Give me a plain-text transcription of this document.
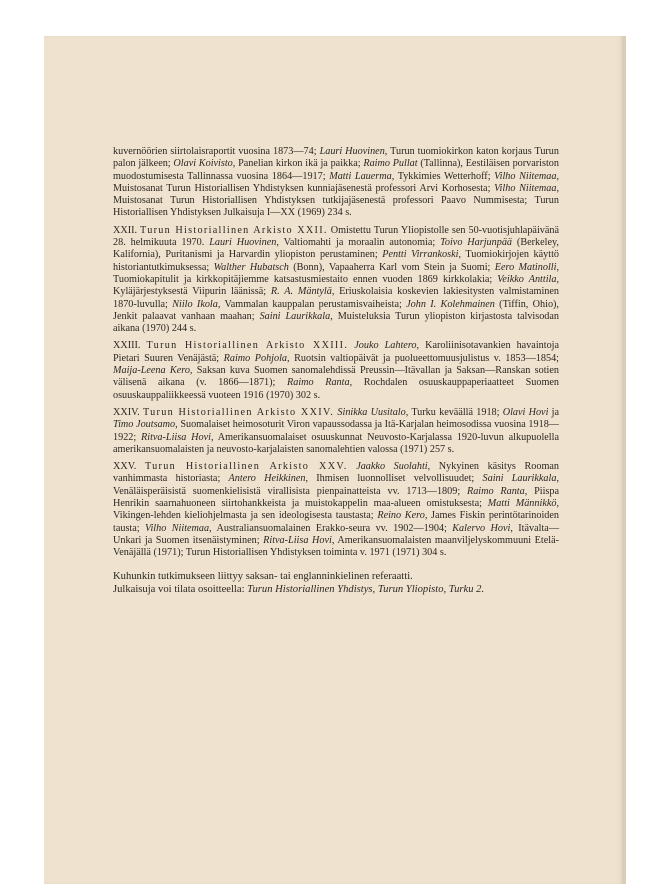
kuvernöörien siirtolaisraportit vuosina 1873—74; Lauri Huovinen, Turun tuomiokirkon katon korjaus Turun palon jälkeen; Olavi Koivisto, Panelian kirkon ikä ja paikka; Raimo Pullat (Tallinna), Eestiläisen porvariston muodostumisesta Tallinnassa vuosina 1864—1917; Matti Lauerma, Tykkimies Wetterhoff; Vilho Niitemaa, Muistosanat Turun Historiallisen Yhdistyksen kunniajäsenestä professori Arvi Korhosesta; Vilho Niitemaa, Muistosanat Turun Historiallisen Yhdistyksen tutkijajäsenestä professori Paavo Nummisesta; Turun Historiallisen Yhdistyksen Julkaisuja I—XX (1969) 234 s.

XXII. Turun Historiallinen Arkisto XXII. Omistettu Turun Yliopistolle sen 50-vuotisjuhlapäivänä 28. helmikuuta 1970. Lauri Huovinen, Valtiomahti ja moraalin autonomia; Toivo Harjunpää (Berkeley, Kalifornia), Puritanismi ja Harvardin yliopiston perustaminen; Pentti Virrankoski, Tuomiokirjojen käyttö historiantutkimuksessa; Walther Hubatsch (Bonn), Vapaaherra Karl vom Stein ja Suomi; Eero Matinolli, Tuomiokapitulit ja kirkkopitäjiemme katsastusmiestaito ennen vuoden 1869 kirkkolakia; Veikko Anttila, Kyläjärjestyksestä Viipurin läänissä; R. A. Mäntylä, Eriuskolaisia koskevien lakiesitysten valmistaminen 1870-luvulla; Niilo Ikola, Vammalan kauppalan perustamisvaiheista; John I. Kolehmainen (Tiffin, Ohio), Jenkit palaavat vanhaan maahan; Saini Laurikkala, Muisteluksia Turun yliopiston kirjastosta talvisodan aikana (1970) 244 s.

XXIII. Turun Historiallinen Arkisto XXIII. Jouko Lahtero, Karoliinisotavankien havaintoja Pietari Suuren Venäjästä; Raimo Pohjola, Ruotsin valtiopäivät ja puolueettomuusjulistus v. 1853—1854; Maija-Leena Kero, Saksan kuva Suomen sanomalehdissä Preussin—Itävallan ja Saksan—Ranskan sotien välisenä aikana (v. 1866—1871); Raimo Ranta, Rochdalen osuuskauppaperiaatteet Suomen osuuskauppaliikkeessä vuoteen 1916 (1970) 302 s.

XXIV. Turun Historiallinen Arkisto XXIV. Sinikka Uusitalo, Turku keväällä 1918; Olavi Hovi ja Timo Joutsamo, Suomalaiset heimosoturit Viron vapaussodassa ja Itä-Karjalan heimosodissa vuosina 1918—1922; Ritva-Liisa Hovi, Amerikansuomalaiset osuuskunnat Neuvosto-Karjalassa 1920-luvun alkupuolella amerikansuomalaisten ja neuvosto-karjalaisten sanomalehtien valossa (1971) 257 s.

XXV. Turun Historiallinen Arkisto XXV. Jaakko Suolahti, Nykyinen käsitys Rooman vanhimmasta historiasta; Antero Heikkinen, Ihmisen luonnolliset velvollisuudet; Saini Laurikkala, Venäläisperäisistä suomenkielisistä virallisista pienpainatteista vv. 1713—1809; Raimo Ranta, Piispa Henrikin saarnahuoneen siirtohankkeista ja muistokappelin maa-alueen omistuksesta; Matti Männikkö, Vikingen-lehden kieliohjelmasta ja sen ideologisesta taustasta; Reino Kero, James Fiskin perintötarinoiden tausta; Vilho Niitemaa, Australiansuomalainen Erakko-seura vv. 1902—1904; Kalervo Hovi, Itävalta—Unkari ja Suomen itsenäistyminen; Ritva-Liisa Hovi, Amerikansuomalaisten maanviljelyskommuuni Etelä-Venäjällä (1971); Turun Historiallisen Yhdistyksen toiminta v. 1971 (1971) 304 s.

Kuhunkin tutkimukseen liittyy saksan- tai englanninkielinen referaatti.
Julkaisuja voi tilata osoitteella: Turun Historiallinen Yhdistys, Turun Yliopisto, Turku 2.
